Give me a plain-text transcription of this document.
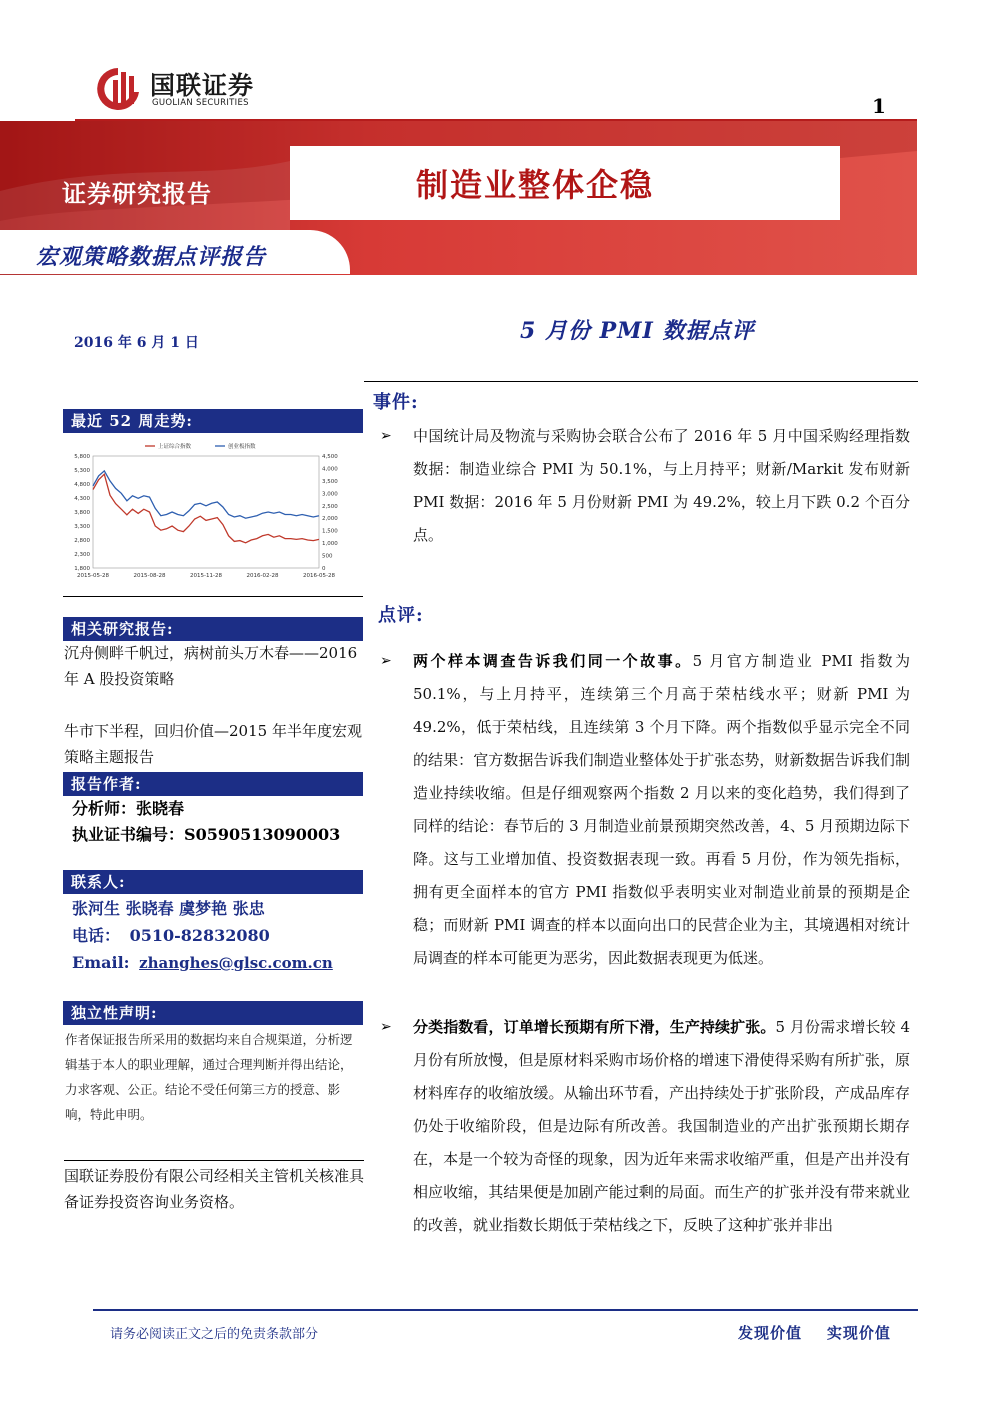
国联证券
GUOLIAN SECURITIES	1
制造业整体企稳
证券研究报告
宏观策略数据点评报告
2016 年 6 月 1 日	5 月份 PMI 数据点评
最近 52 周走势:
5,800
5,300
4,800
4,300
3,800
3,300
2,800
2,300
1,800
4,500
4,000
3,500
3,000
2,500
2,000
1,500
1,000
500
0
2015-05-28	2015-08-28	2015-11-28	2016-02-28	2016-05-28
上证综合指数	创业板指数
相关研究报告:
沉舟侧畔千帆过，病树前头万木春——2016 年 A 股投资策略
牛市下半程，回归价值—2015 年半年度宏观策略主题报告
报告作者:
分析师：张晓春
执业证书编号：S0590513090003
联系人:
张河生 张晓春 虞梦艳 张忠
电话： 0510-82832080
Email: zhanghes@glsc.com.cn
独立性声明:
作者保证报告所采用的数据均来自合规渠道，分析逻辑基于本人的职业理解，通过合理判断并得出结论，力求客观、公正。结论不受任何第三方的授意、影响，特此申明。
国联证券股份有限公司经相关主管机关核准具备证券投资咨询业务资格。
事件:
➢ 中国统计局及物流与采购协会联合公布了 2016 年 5 月中国采购经理指数数据：制造业综合 PMI 为 50.1%，与上月持平；财新/Markit 发布财新 PMI 数据：2016 年 5 月份财新 PMI 为 49.2%，较上月下跌 0.2 个百分点。
点评:
➢ 两个样本调查告诉我们同一个故事。5 月官方制造业 PMI 指数为 50.1%，与上月持平，连续第三个月高于荣枯线水平；财新 PMI 为 49.2%，低于荣枯线，且连续第 3 个月下降。两个指数似乎显示完全不同的结果：官方数据告诉我们制造业整体处于扩张态势，财新数据告诉我们制造业持续收缩。但是仔细观察两个指数 2 月以来的变化趋势，我们得到了同样的结论：春节后的 3 月制造业前景预期突然改善，4、5 月预期边际下降。这与工业增加值、投资数据表现一致。再看 5 月份，作为领先指标，拥有更全面样本的官方 PMI 指数似乎表明实业对制造业前景的预期是企稳；而财新 PMI 调查的样本以面向出口的民营企业为主，其境遇相对统计局调查的样本可能更为恶劣，因此数据表现更为低迷。
➢ 分类指数看，订单增长预期有所下滑，生产持续扩张。5 月份需求增长较 4 月份有所放慢，但是原材料采购市场价格的增速下滑使得采购有所扩张，原材料库存的收缩放缓。从输出环节看，产出持续处于扩张阶段，产成品库存仍处于收缩阶段，但是边际有所改善。我国制造业的产出扩张预期长期存在，本是一个较为奇怪的现象，因为近年来需求收缩严重，但是产出并没有相应收缩，其结果便是加剧产能过剩的局面。而生产的扩张并没有带来就业的改善，就业指数长期低于荣枯线之下，反映了这种扩张并非出
请务必阅读正文之后的免责条款部分	发现价值    实现价值
